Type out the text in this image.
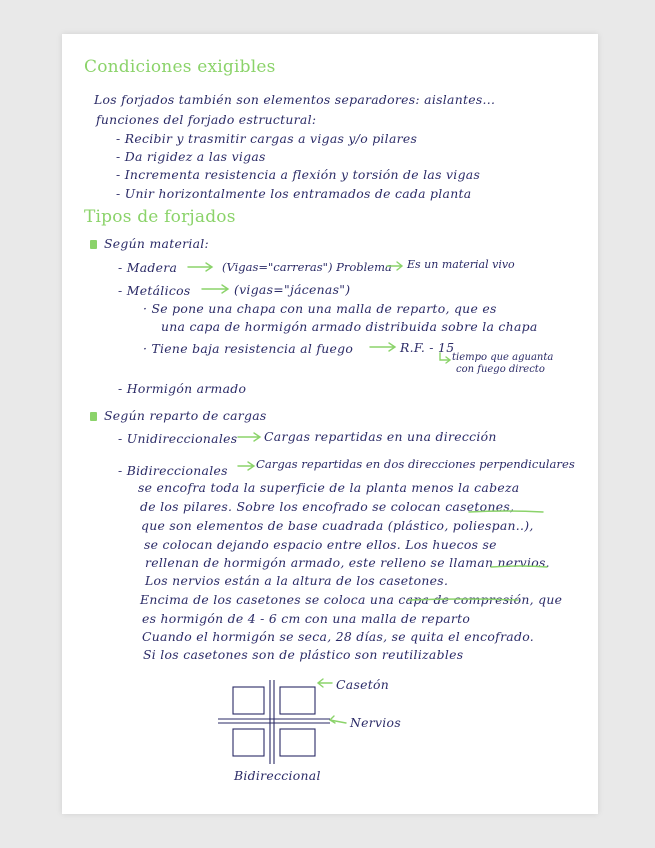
Condiciones exigibles
Los forjados también son elementos separadores: aislantes...
funciones del forjado estructural:
- Recibir y trasmitir cargas a vigas y/o pilares
- Da rigidez a las vigas
- Incrementa resistencia a flexión y torsión de las vigas
- Unir horizontalmente los entramados de cada planta
Tipos de forjados
Según material:
- Madera	(Vigas="carreras") Problema Es un material vivo
- Metálicos	(vigas="jácenas")
· Se pone una chapa con una malla de reparto, que es
una capa de hormigón armado distribuida sobre la chapa
· Tiene baja resistencia al fuego	R.F. - 15
tiempo que aguanta
con fuego directo
- Hormigón armado
Según reparto de cargas
- Unidireccionales Cargas repartidas en una dirección
- Bidireccionales Cargas repartidas en dos direcciones perpendiculares
se encofra toda la superficie de la planta menos la cabeza
de los pilares. Sobre los encofrado se colocan casetones,
que son elementos de base cuadrada (plástico, poliespan..),
se colocan dejando espacio entre ellos. Los huecos se
rellenan de hormigón armado, este relleno se llaman nervios.
Los nervios están a la altura de los casetones.
Encima de los casetones se coloca una capa de compresión, que
es hormigón de 4 - 6 cm con una malla de reparto
Cuando el hormigón se seca, 28 días, se quita el encofrado.
Si los casetones son de plástico son reutilizables
Casetón
Nervios
Bidireccional
